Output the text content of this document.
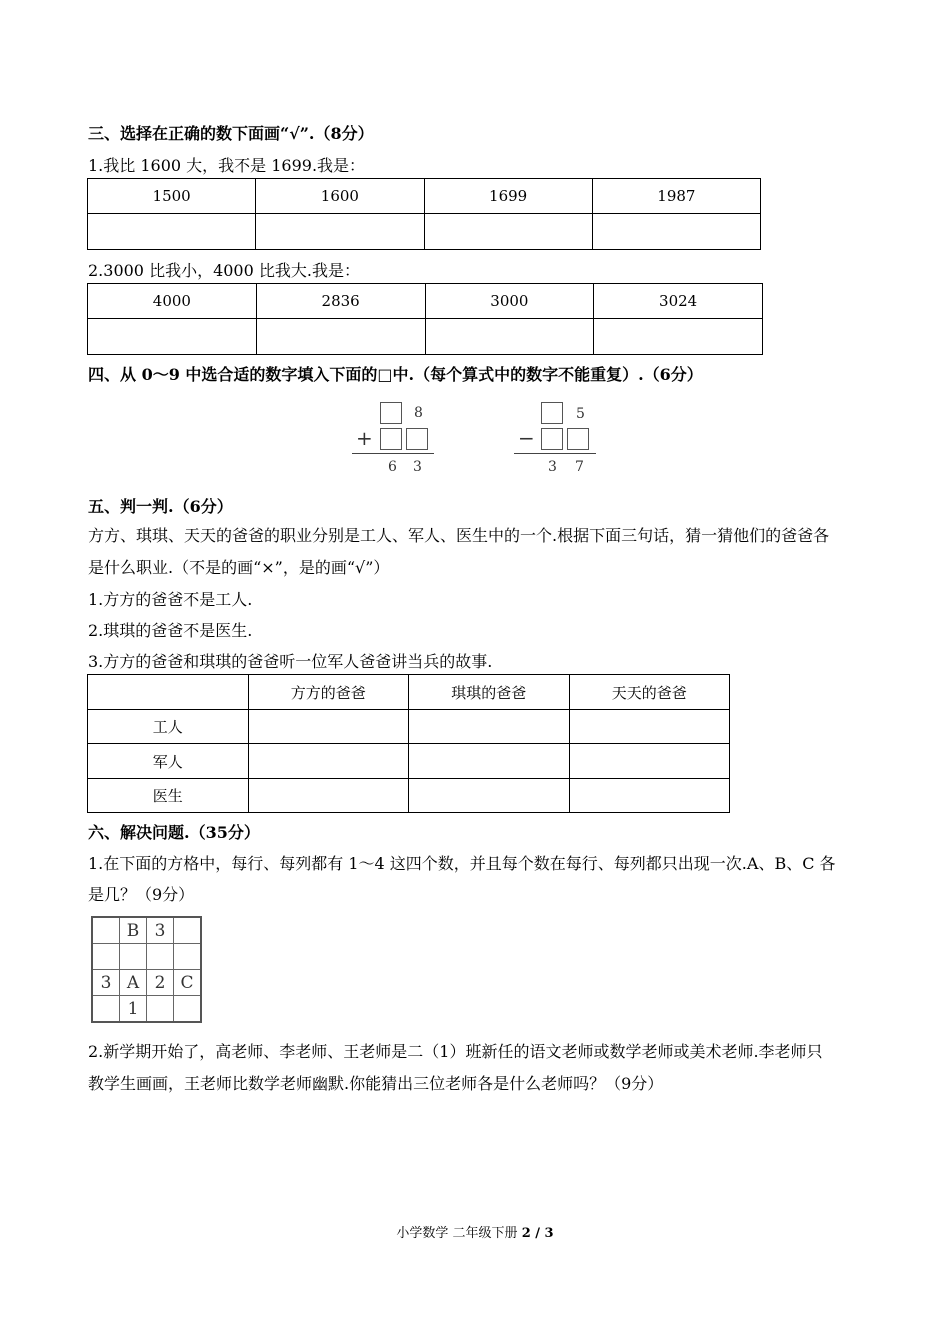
三、选择在正确的数下面画“√”.（8分）
1.我比 1600 大，我不是 1699.我是：
1500	1600	1699	1987

2.3000 比我小，4000 比我大.我是：
4000	2836	3000	3024

四、从 0～9 中选合适的数字填入下面的□中.（每个算式中的数字不能重复）.（6分）
8
+
6 3
5
−
3 7
五、判一判.（6分）
方方、琪琪、天天的爸爸的职业分别是工人、军人、医生中的一个.根据下面三句话，猜一猜他们的爸爸各
是什么职业.（不是的画“×”，是的画“√”）
1.方方的爸爸不是工人.
2.琪琪的爸爸不是医生.
3.方方的爸爸和琪琪的爸爸听一位军人爸爸讲当兵的故事.
	方方的爸爸	琪琪的爸爸	天天的爸爸
工人			
军人			
医生			
六、解决问题.（35分）
1.在下面的方格中，每行、每列都有 1～4 这四个数，并且每个数在每行、每列都只出现一次.A、B、C 各
是几？（9分）
	B	3	

3	A	2	C
	1		
2.新学期开始了，高老师、李老师、王老师是二（1）班新任的语文老师或数学老师或美术老师.李老师只
教学生画画，王老师比数学老师幽默.你能猜出三位老师各是什么老师吗？（9分）
小学数学 二年级下册 2 / 3
